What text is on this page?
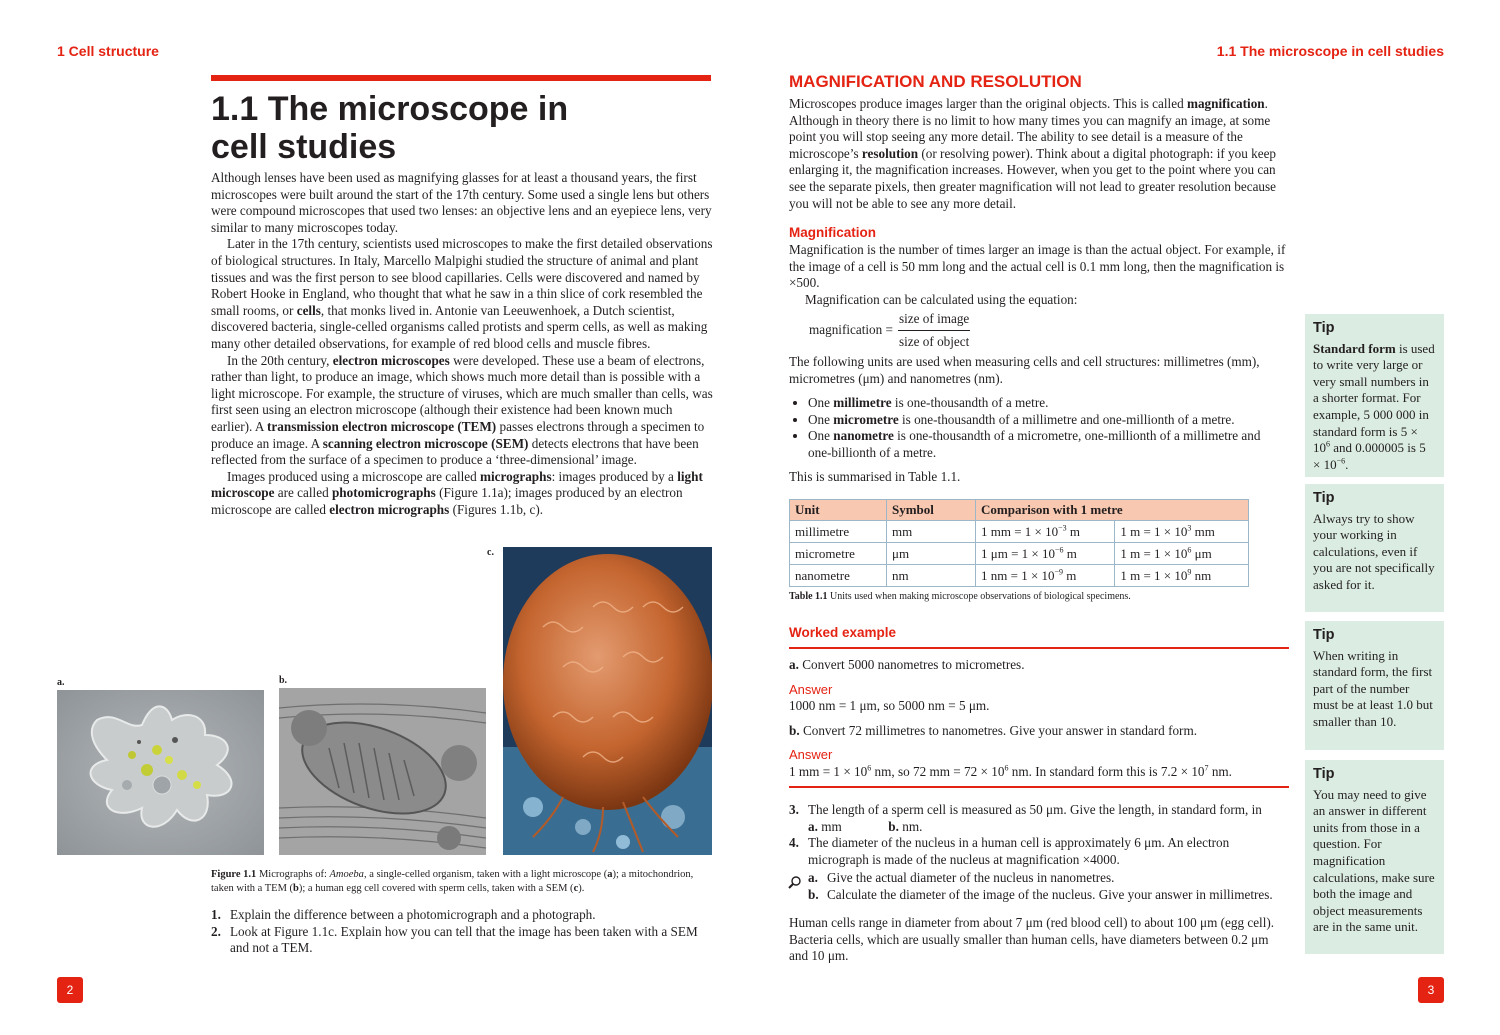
1 Cell structure	1.1 The microscope in cell studies
1.1 The microscope in
cell studies

Although lenses have been used as magnifying glasses for at least a thousand years, the first microscopes were built around the start of the 17th century. Some used a single lens but others were compound microscopes that used two lenses: an objective lens and an eyepiece lens, very similar to many microscopes today.

Later in the 17th century, scientists used microscopes to make the first detailed observations of biological structures. In Italy, Marcello Malpighi studied the structure of animal and plant tissues and was the first person to see blood capillaries. Cells were discovered and named by Robert Hooke in England, who thought that what he saw in a thin slice of cork resembled the small rooms, or cells, that monks lived in. Antonie van Leeuwenhoek, a Dutch scientist, discovered bacteria, single-celled organisms called protists and sperm cells, as well as making many other detailed observations, for example of red blood cells and muscle fibres.

In the 20th century, electron microscopes were developed. These use a beam of electrons, rather than light, to produce an image, which shows much more detail than is possible with a light microscope. For example, the structure of viruses, which are much smaller than cells, was first seen using an electron microscope (although their existence had been known much earlier). A transmission electron microscope (TEM) passes electrons through a specimen to produce an image. A scanning electron microscope (SEM) detects electrons that have been reflected from the surface of a specimen to produce a ‘three-dimensional’ image.

Images produced using a microscope are called micrographs: images produced by a light microscope are called photomicrographs (Figure 1.1a); images produced by an electron microscope are called electron micrographs (Figures 1.1b, c).

a.	b.
c.
Figure 1.1 Micrographs of: Amoeba, a single-celled organism, taken with a light microscope (a); a mitochondrion, taken with a TEM (b); a human egg cell covered with sperm cells, taken with a SEM (c).
1. Explain the difference between a photomicrograph and a photograph.
2. Look at Figure 1.1c. Explain how you can tell that the image has been taken with a SEM and not a TEM.
2
MAGNIFICATION AND RESOLUTION

Microscopes produce images larger than the original objects. This is called magnification. Although in theory there is no limit to how many times you can magnify an image, at some point you will stop seeing any more detail. The ability to see detail is a measure of the microscope’s resolution (or resolving power). Think about a digital photograph: if you keep enlarging it, the magnification increases. However, when you get to the point where you can see the separate pixels, then greater magnification will not lead to greater resolution because you will not be able to see any more detail.

Magnification

Magnification is the number of times larger an image is than the actual object. For example, if the image of a cell is 50 mm long and the actual cell is 0.1 mm long, then the magnification is ×500.

Magnification can be calculated using the equation:

magnification =
size of image
size of object
The following units are used when measuring cells and cell structures: millimetres (mm), micrometres (μm) and nanometres (nm).
• One millimetre is one-thousandth of a metre.
• One micrometre is one-thousandth of a millimetre and one-millionth of a metre.
• One nanometre is one-thousandth of a micrometre, one-millionth of a millimetre and one-billionth of a metre.
This is summarised in Table 1.1.
Unit	Symbol	Comparison with 1 metre	
millimetre	mm	1 mm = $1 \times 10^{-3}$ m	1 $m = 1 \times 10^3$ mm
micrometre	μm	1 $\mu m = 1 \times 10^{-6}$ m	1 $m = 1 \times 10^6$ μm
nanometre	nm	1 nm = $1 \times 10^{-9}$ m	1 $m = 1 \times 10^9$ nm
Table 1.1 Units used when making microscope observations of biological specimens.
Worked example

a. Convert 5000 nanometres to micrometres.

Answer

1000 nm = 1 μm, so 5000 nm = 5 μm.

b. Convert 72 millimetres to nanometres. Give your answer in standard form.

Answer

1 mm = $1 \times 10^6$ nm, so 72 mm = $72 \times 10^6$ nm. In standard form this is $7.2 \times 10^7$ nm.

3. The length of a sperm cell is measured as 50 μm. Give the length, in standard form, in
a. mm	b. nm.
4. The diameter of the nucleus in a human cell is approximately 6 μm. An electron micrograph is made of the nucleus at magnification ×4000.
a. Give the actual diameter of the nucleus in nanometres.
b. Calculate the diameter of the image of the nucleus. Give your answer in millimetres.
Human cells range in diameter from about 7 μm (red blood cell) to about 100 μm (egg cell). Bacteria cells, which are usually smaller than human cells, have diameters between 0.2 μm and 10 μm.
Tip
Standard form is used to write very large or very small numbers in a shorter format. For example, 5 000 000 in standard form is $5 \times 10^6$ and 0.000005 is $5 \times 10^{-6}$.
Tip
Always try to show your working in calculations, even if you are not specifically asked for it.
Tip
When writing in standard form, the first part of the number must be at least 1.0 but smaller than 10.
Tip
You may need to give an answer in different units from those in a question. For magnification calculations, make sure both the image and object measurements are in the same unit.
3
